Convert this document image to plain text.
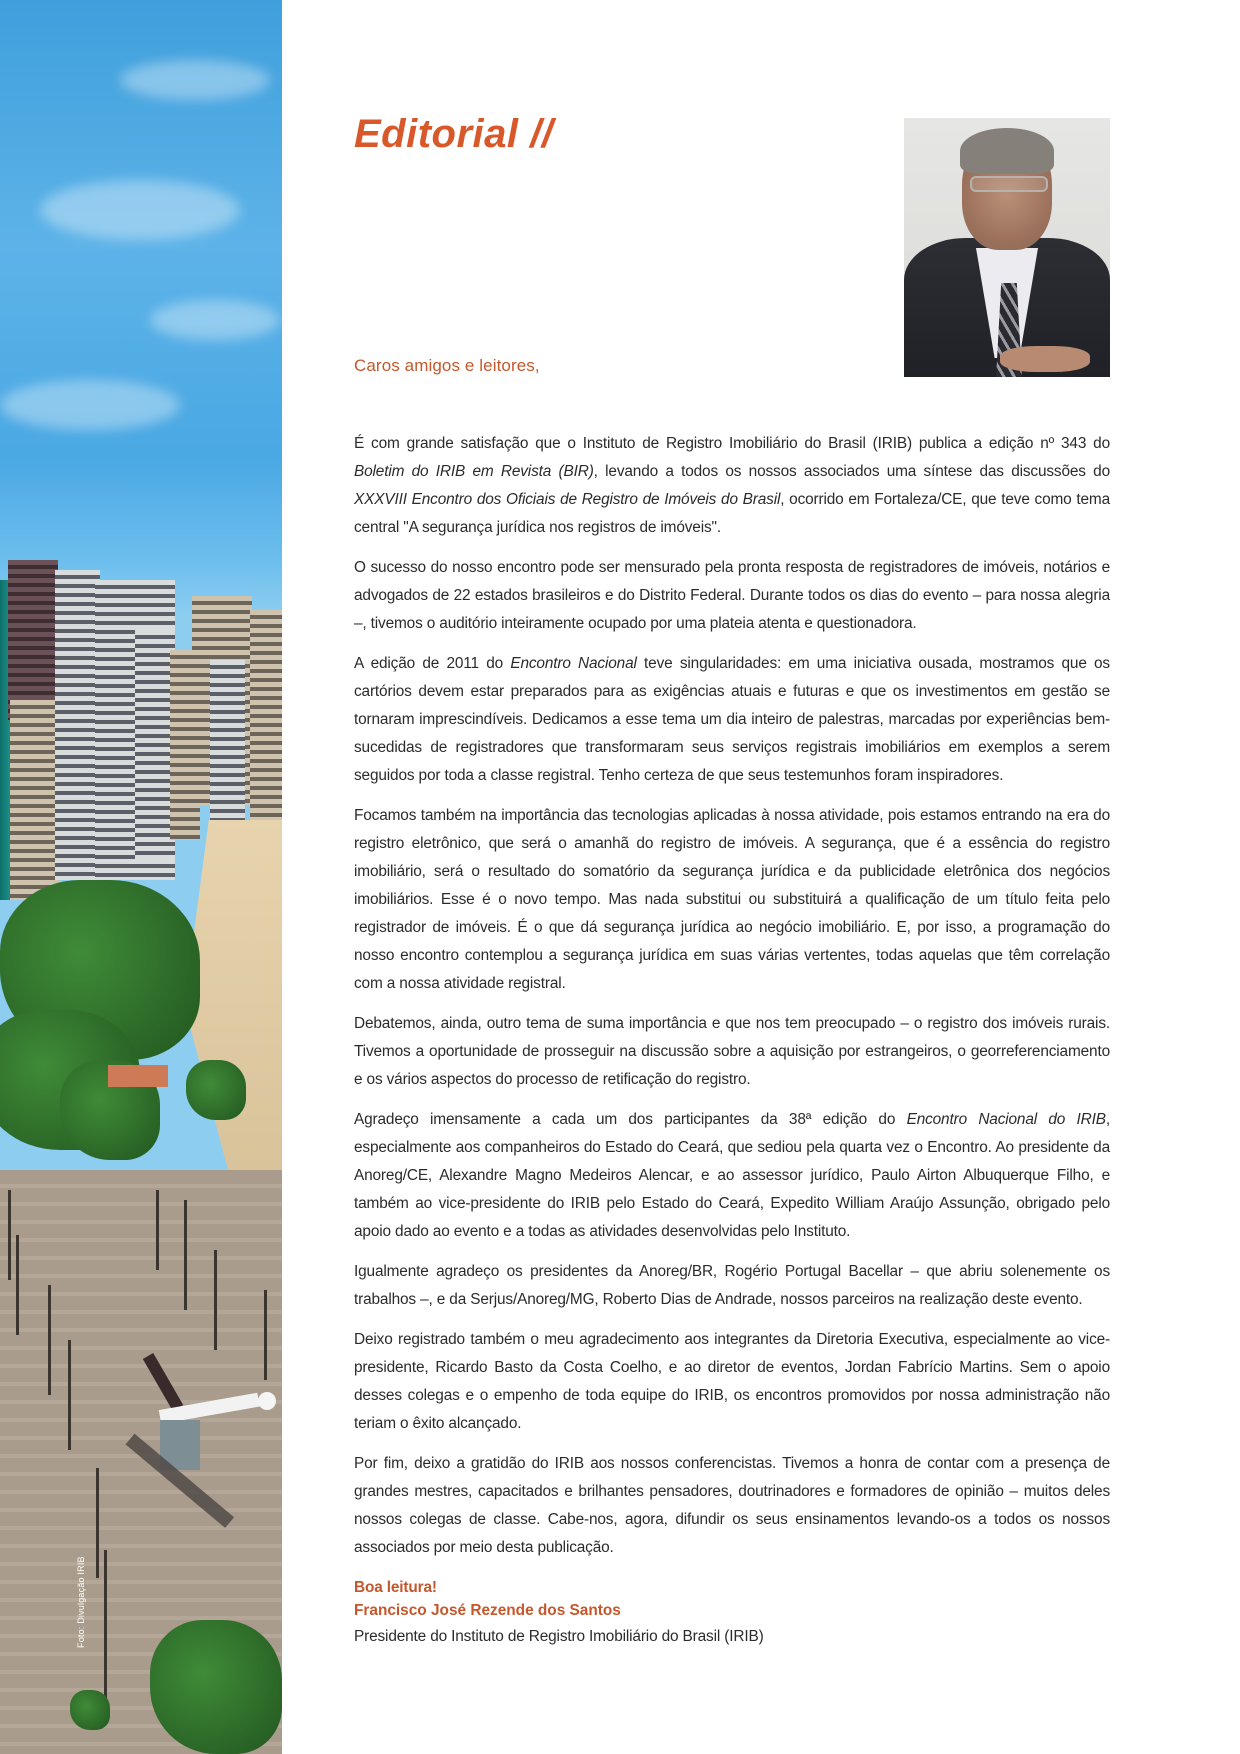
Foto: Divulgação IRIB
Editorial //
Caros amigos e leitores,

É com grande satisfação que o Instituto de Registro Imobiliário do Brasil (IRIB) publica a edição nº 343 do Boletim do IRIB em Revista (BIR), levando a todos os nossos associados uma síntese das discussões do XXXVIII Encontro dos Oficiais de Registro de Imóveis do Brasil, ocorrido em Fortaleza/CE, que teve como tema central "A segurança jurídica nos registros de imóveis".

O sucesso do nosso encontro pode ser mensurado pela pronta resposta de registradores de imóveis, notários e advogados de 22 estados brasileiros e do Distrito Federal. Durante todos os dias do evento – para nossa alegria –, tivemos o auditório inteiramente ocupado por uma plateia atenta e questionadora.

A edição de 2011 do Encontro Nacional teve singularidades: em uma iniciativa ousada, mostramos que os cartórios devem estar preparados para as exigências atuais e futuras e que os investimentos em gestão se tornaram imprescindíveis. Dedicamos a esse tema um dia inteiro de palestras, marcadas por experiências bem-sucedidas de registradores que transformaram seus serviços registrais imobiliários em exemplos a serem seguidos por toda a classe registral. Tenho certeza de que seus testemunhos foram inspiradores.

Focamos também na importância das tecnologias aplicadas à nossa atividade, pois estamos entrando na era do registro eletrônico, que será o amanhã do registro de imóveis. A segurança, que é a essência do registro imobiliário, será o resultado do somatório da segurança jurídica e da publicidade eletrônica dos negócios imobiliários. Esse é o novo tempo. Mas nada substitui ou substituirá a qualificação de um título feita pelo registrador de imóveis. É o que dá segurança jurídica ao negócio imobiliário. E, por isso, a programação do nosso encontro contemplou a segurança jurídica em suas várias vertentes, todas aquelas que têm correlação com a nossa atividade registral.

Debatemos, ainda, outro tema de suma importância e que nos tem preocupado – o registro dos imóveis rurais. Tivemos a oportunidade de prosseguir na discussão sobre a aquisição por estrangeiros, o georreferenciamento e os vários aspectos do processo de retificação do registro.

Agradeço imensamente a cada um dos participantes da 38ª edição do Encontro Nacional do IRIB, especialmente aos companheiros do Estado do Ceará, que sediou pela quarta vez o Encontro. Ao presidente da Anoreg/CE, Alexandre Magno Medeiros Alencar, e ao assessor jurídico, Paulo Airton Albuquerque Filho, e também ao vice-presidente do IRIB pelo Estado do Ceará, Expedito William Araújo Assunção, obrigado pelo apoio dado ao evento e a todas as atividades desenvolvidas pelo Instituto.

Igualmente agradeço os presidentes da Anoreg/BR, Rogério Portugal Bacellar – que abriu solenemente os trabalhos –, e da Serjus/Anoreg/MG, Roberto Dias de Andrade, nossos parceiros na realização deste evento.

Deixo registrado também o meu agradecimento aos integrantes da Diretoria Executiva, especialmente ao vice-presidente, Ricardo Basto da Costa Coelho, e ao diretor de eventos, Jordan Fabrício Martins. Sem o apoio desses colegas e o empenho de toda equipe do IRIB, os encontros promovidos por nossa administração não teriam o êxito alcançado.

Por fim, deixo a gratidão do IRIB aos nossos conferencistas. Tivemos a honra de contar com a presença de grandes mestres, capacitados e brilhantes pensadores, doutrinadores e formadores de opinião – muitos deles nossos colegas de classe. Cabe-nos, agora, difundir os seus ensinamentos levando-os a todos os nossos associados por meio desta publicação.

Boa leitura!

Francisco José Rezende dos Santos
Presidente do Instituto de Registro Imobiliário do Brasil (IRIB)
